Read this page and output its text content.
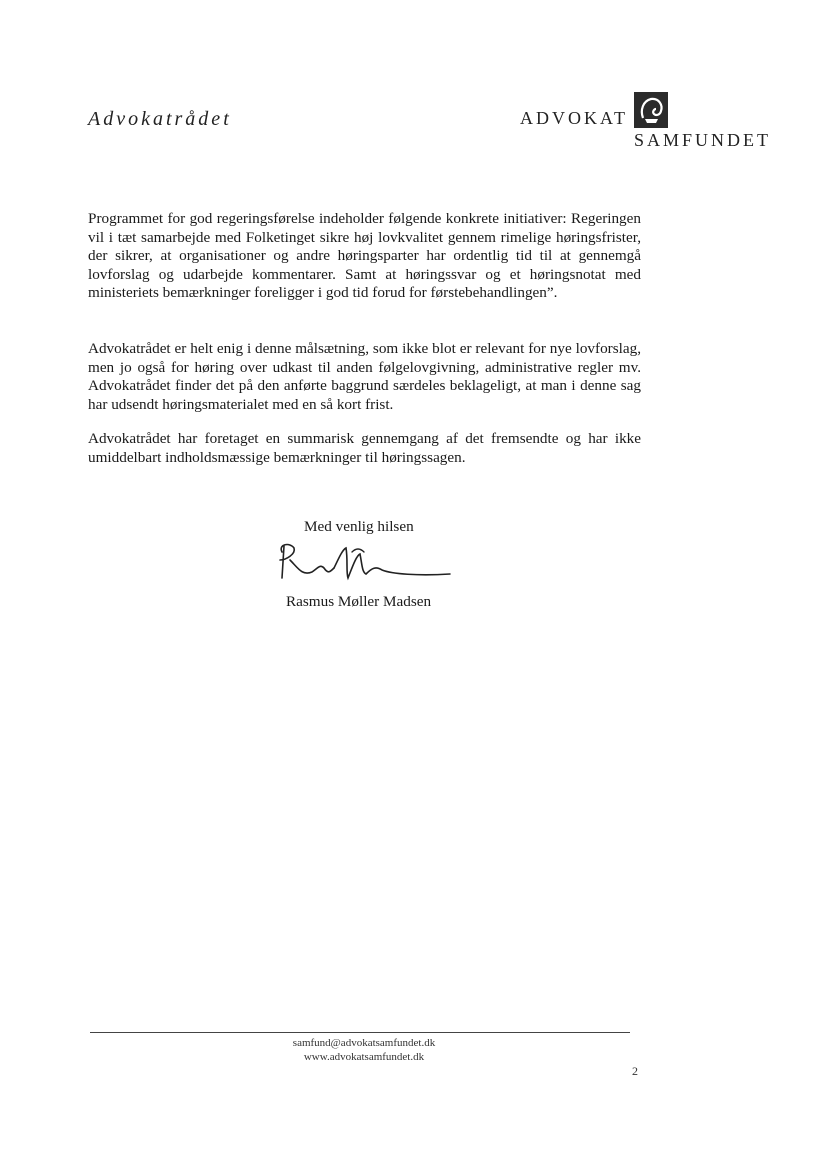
Advokatrådet	ADVOKAT
SAMFUNDET

Programmet for god regeringsførelse indeholder følgende konkrete initiativer: Regeringen vil i tæt samarbejde med Folketinget sikre høj lovkvalitet gennem rimelige høringsfrister, der sikrer, at organisationer og andre høringsparter har ordentlig tid til at gennemgå lovforslag og udarbejde kommentarer. Samt at høringssvar og et høringsnotat med ministeriets bemærkninger foreligger i god tid forud for førstebehandlingen”.

Advokatrådet er helt enig i denne målsætning, som ikke blot er relevant for nye lovforslag, men jo også for høring over udkast til anden følgelovgivning, administrative regler mv. Advokatrådet finder det på den anførte baggrund særdeles beklageligt, at man i denne sag har udsendt høringsmaterialet med en så kort frist.

Advokatrådet har foretaget en summarisk gennemgang af det fremsendte og har ikke umiddelbart indholdsmæssige bemærkninger til høringssagen.

Med venlig hilsen
Rasmus Møller Madsen
samfund@advokatsamfundet.dk
www.advokatsamfundet.dk
2
